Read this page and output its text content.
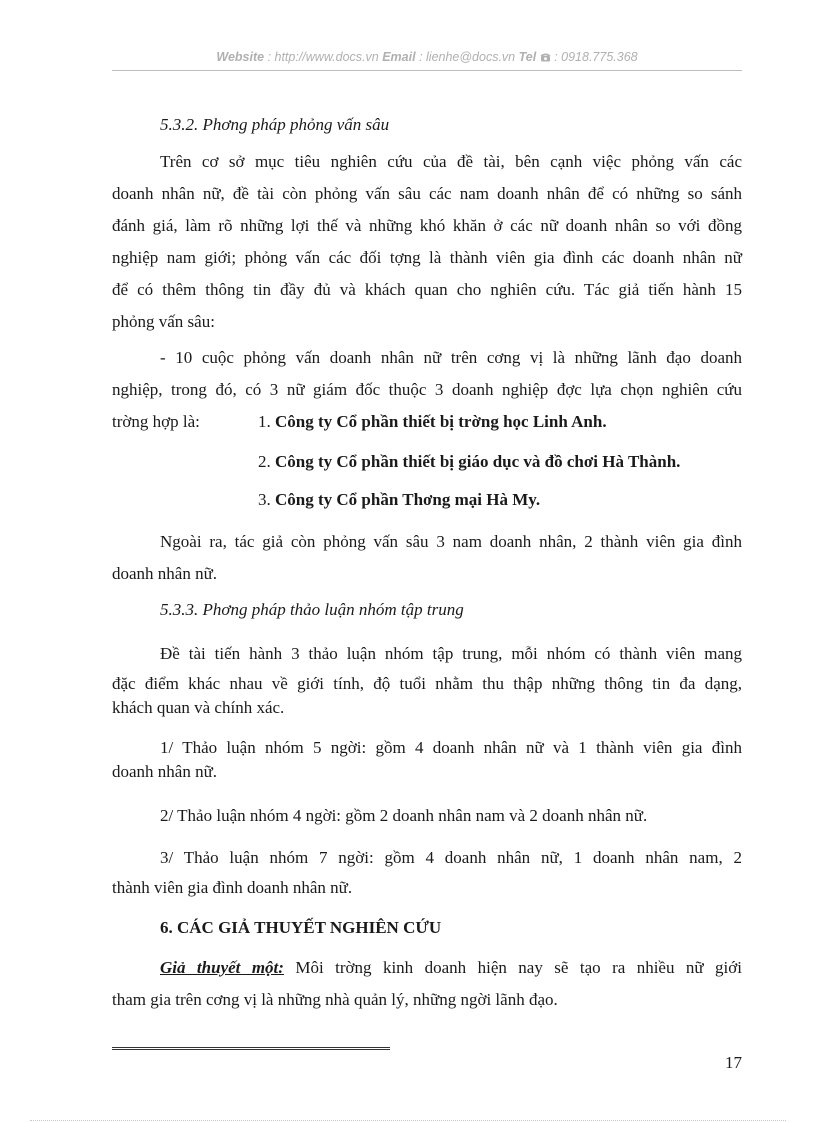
Website : http://www.docs.vn Email : lienhe@docs.vn Tel : 0918.775.368
5.3.2. Phơng pháp phỏng vấn sâu
Trên cơ sở mục tiêu nghiên cứu của đề tài, bên cạnh việc phỏng vấn các
doanh nhân nữ, đề tài còn phỏng vấn sâu các nam doanh nhân để có những so sánh
đánh giá, làm rõ những lợi thế và những khó khăn ở các nữ doanh nhân so với đồng
nghiệp nam giới; phỏng vấn các đối tợng là thành viên gia đình các doanh nhân nữ
để có thêm thông tin đầy đủ và khách quan cho nghiên cứu. Tác giả tiến hành 15
phỏng vấn sâu:
- 10 cuộc phỏng vấn doanh nhân nữ trên cơng vị là những lãnh đạo doanh
nghiệp, trong đó, có 3 nữ giám đốc thuộc 3 doanh nghiệp đợc lựa chọn nghiên cứu
trờng hợp là:	1. Công ty Cổ phần thiết bị trờng học Linh Anh.
2. Công ty Cổ phần thiết bị giáo dục và đồ chơi Hà Thành.
3. Công ty Cổ phần Thơng mại Hà My.
Ngoài ra, tác giả còn phỏng vấn sâu 3 nam doanh nhân, 2 thành viên gia đình
doanh nhân nữ.
5.3.3. Phơng pháp thảo luận nhóm tập trung
Đề tài tiến hành 3 thảo luận nhóm tập trung, mỗi nhóm có thành viên mang
đặc điểm khác nhau về giới tính, độ tuổi nhằm thu thập những thông tin đa dạng,
khách quan và chính xác.
1/ Thảo luận nhóm 5 ngời: gồm 4 doanh nhân nữ và 1 thành viên gia đình
doanh nhân nữ.
2/ Thảo luận nhóm 4 ngời: gồm 2 doanh nhân nam và 2 doanh nhân nữ.
3/ Thảo luận nhóm 7 ngời: gồm 4 doanh nhân nữ, 1 doanh nhân nam, 2
thành viên gia đình doanh nhân nữ.
6. CÁC GIẢ THUYẾT NGHIÊN CỨU
Giả thuyết một: Môi trờng kinh doanh hiện nay sẽ tạo ra nhiều nữ giới
tham gia trên cơng vị là những nhà quản lý, những ngời lãnh đạo.
17
